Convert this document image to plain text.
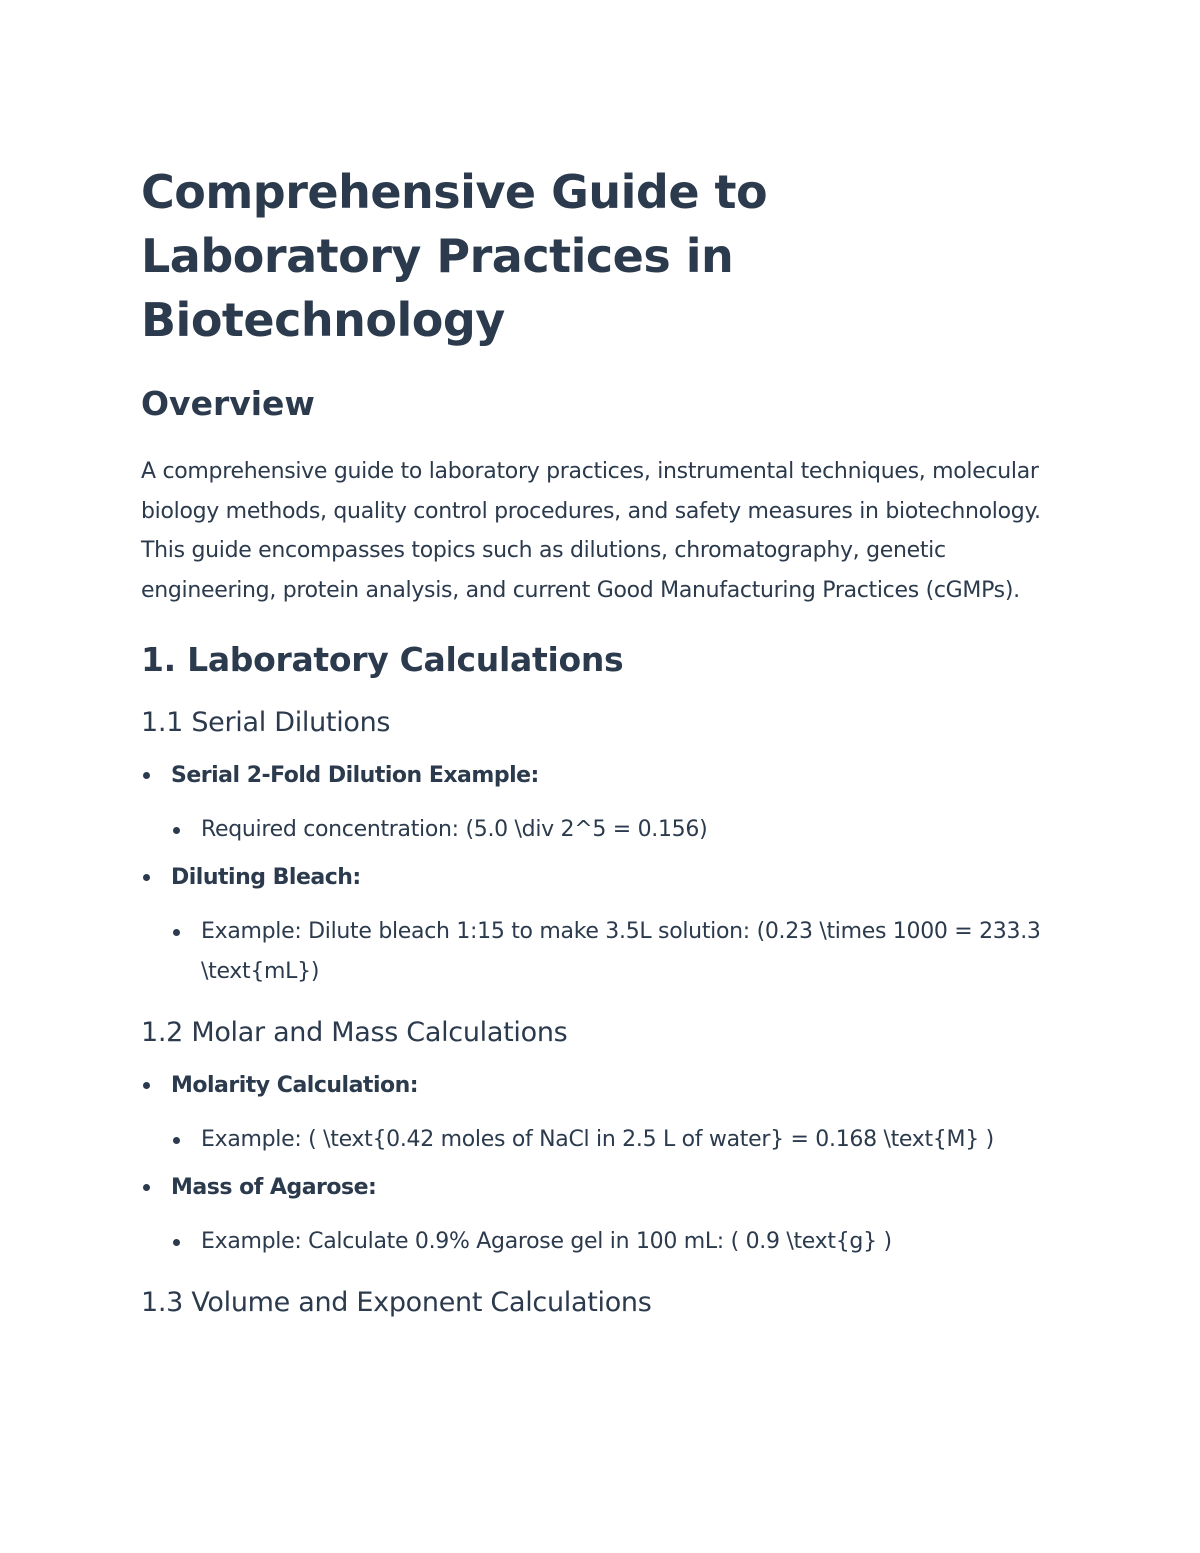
Comprehensive Guide to Laboratory Practices in Biotechnology
Overview

A comprehensive guide to laboratory practices, instrumental techniques, molecular biology methods, quality control procedures, and safety measures in biotechnology. This guide encompasses topics such as dilutions, chromatography, genetic engineering, protein analysis, and current Good Manufacturing Practices (cGMPs).

1. Laboratory Calculations
1.1 Serial Dilutions
Serial 2-Fold Dilution Example:
Required concentration: (5.0 \div 2^5 = 0.156)
Diluting Bleach:
Example: Dilute bleach 1:15 to make 3.5L solution: (0.23 \times 1000 = 233.3 \text{mL})
1.2 Molar and Mass Calculations
Molarity Calculation:
Example: ( \text{0.42 moles of NaCl in 2.5 L of water} = 0.168 \text{M} )
Mass of Agarose:
Example: Calculate 0.9% Agarose gel in 100 mL: ( 0.9 \text{g} )
1.3 Volume and Exponent Calculations
